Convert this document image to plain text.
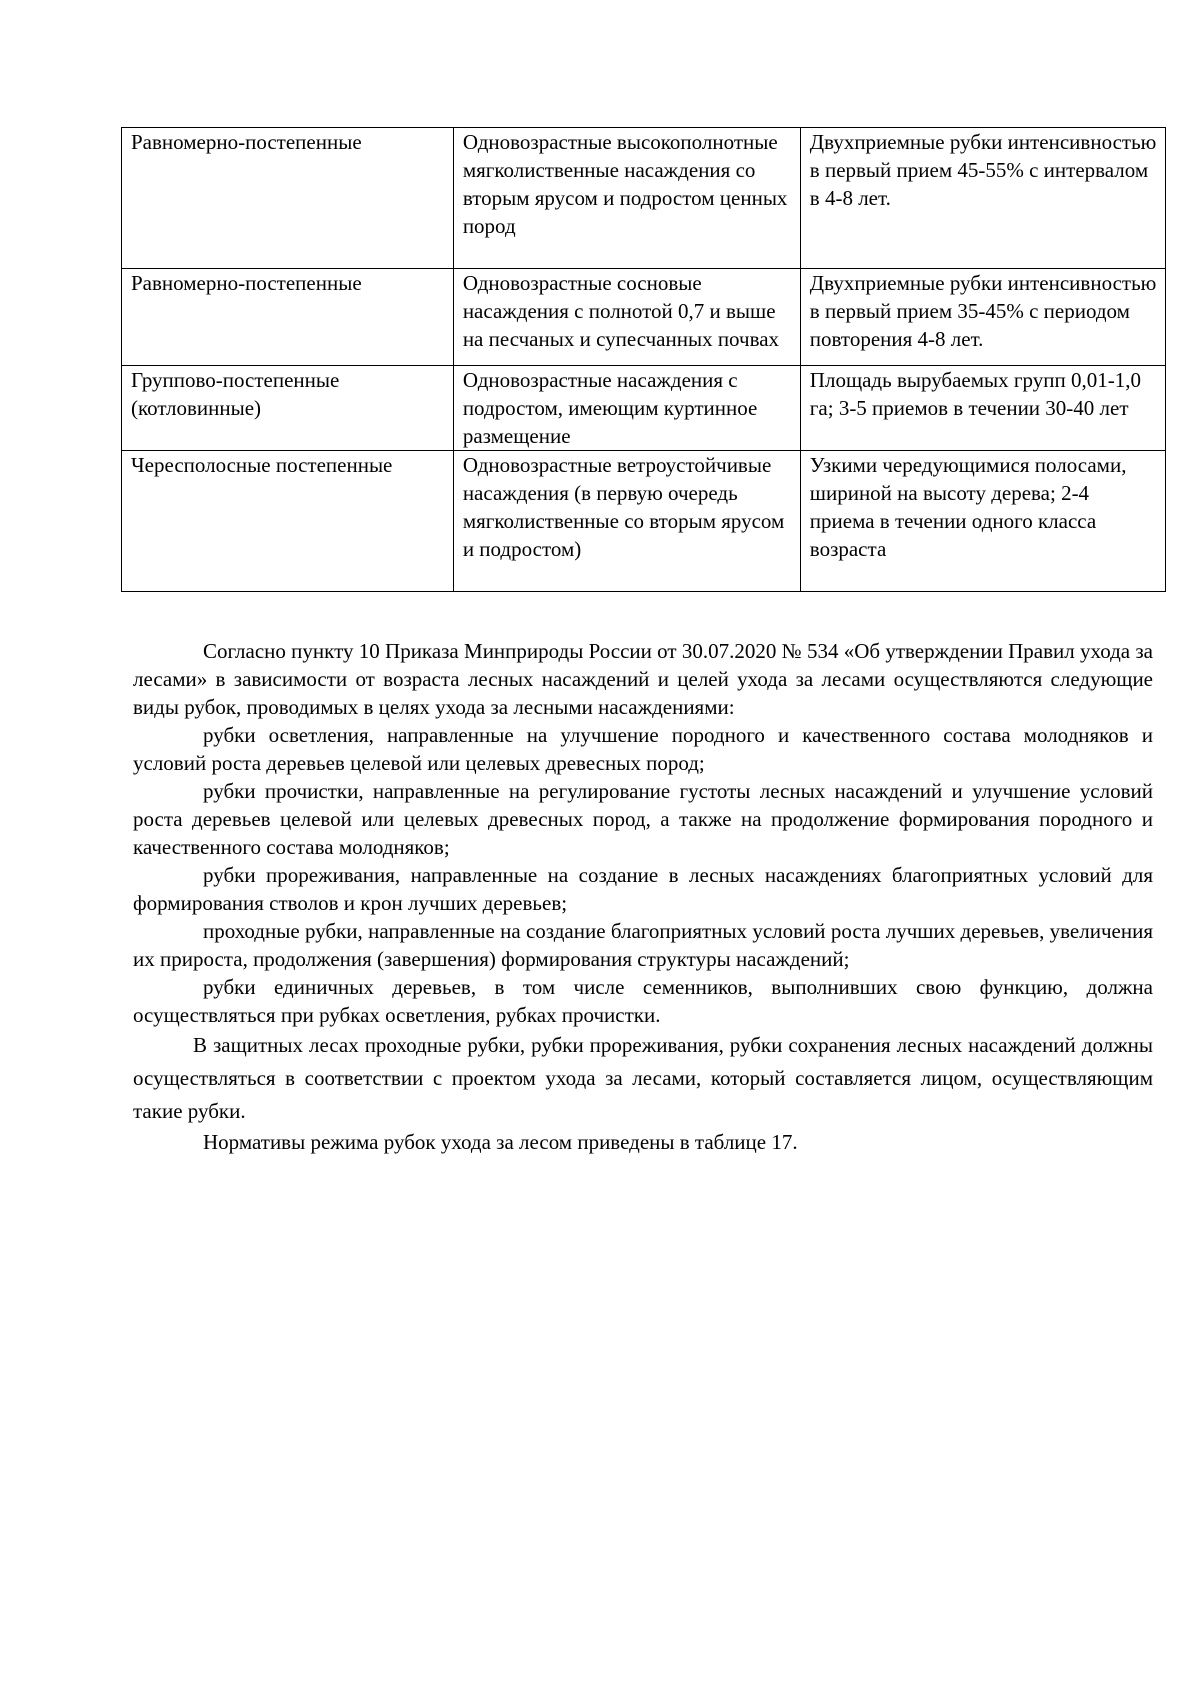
Равномерно-постепенные	Одновозрастные высокополнотные мягколиственные насаждения со вторым ярусом и подростом ценных пород	Двухприемные рубки интенсивностью в первый прием 45-55% с интервалом в 4-8 лет.
Равномерно-постепенные	Одновозрастные сосновые насаждения с полнотой 0,7 и выше на песчаных и супесчанных почвах	Двухприемные рубки интенсивностью в первый прием 35-45% с периодом повторения 4-8 лет.
Группово-постепенные (котловинные)	Одновозрастные насаждения с подростом, имеющим куртинное размещение	Площадь вырубаемых групп 0,01-1,0 га; 3-5 приемов в течении 30-40 лет
Чересполосные постепенные	Одновозрастные ветроустойчивые насаждения (в первую очередь мягколиственные со вторым ярусом и подростом)	Узкими чередующимися полосами, шириной на высоту дерева; 2-4 приема в течении одного класса возраста

Согласно пункту 10 Приказа Минприроды России от 30.07.2020 № 534 «Об утверждении Правил ухода за лесами» в зависимости от возраста лесных насаждений и целей ухода за лесами осуществляются следующие виды рубок, проводимых в целях ухода за лесными насаждениями:

рубки осветления, направленные на улучшение породного и качественного состава молодняков и условий роста деревьев целевой или целевых древесных пород;

рубки прочистки, направленные на регулирование густоты лесных насаждений и улучшение условий роста деревьев целевой или целевых древесных пород, а также на продолжение формирования породного и качественного состава молодняков;

рубки прореживания, направленные на создание в лесных насаждениях благоприятных условий для формирования стволов и крон лучших деревьев;

проходные рубки, направленные на создание благоприятных условий роста лучших деревьев, увеличения их прироста, продолжения (завершения) формирования структуры насаждений;

рубки единичных деревьев, в том числе семенников, выполнивших свою функцию, должна осуществляться при рубках осветления, рубках прочистки.

В защитных лесах проходные рубки, рубки прореживания, рубки сохранения лесных насаждений должны осуществляться в соответствии с проектом ухода за лесами, который составляется лицом, осуществляющим такие рубки.

Нормативы режима рубок ухода за лесом приведены в таблице 17.
